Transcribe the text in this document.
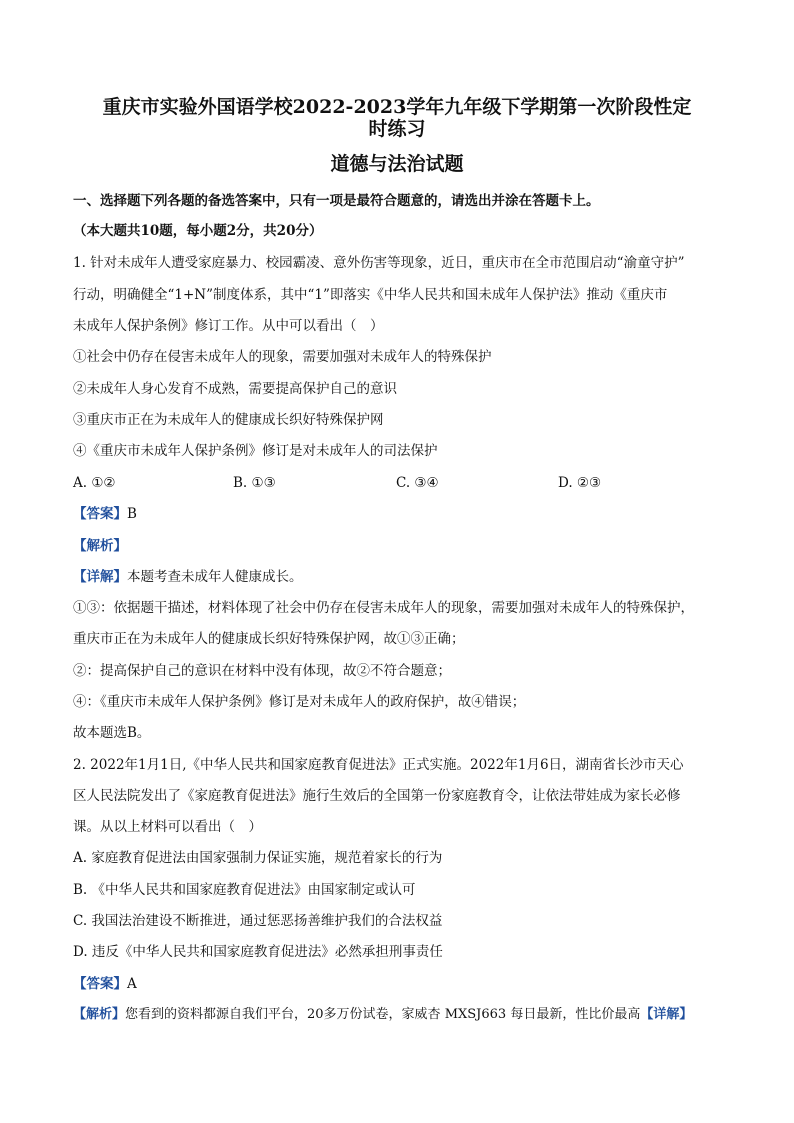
重庆市实验外国语学校2022-2023学年九年级下学期第一次阶段性定
时练习
道德与法治试题
一、选择题下列各题的备选答案中，只有一项是最符合题意的，请选出并涂在答题卡上。
（本大题共10题，每小题2分，共20分）
1. 针对未成年人遭受家庭暴力、校园霸凌、意外伤害等现象，近日，重庆市在全市范围启动“渝童守护”
行动，明确健全“1+N”制度体系，其中“1”即落实《中华人民共和国未成年人保护法》推动《重庆市
未成年人保护条例》修订工作。从中可以看出（　）
①社会中仍存在侵害未成年人的现象，需要加强对未成年人的特殊保护
②未成年人身心发育不成熟，需要提高保护自己的意识
③重庆市正在为未成年人的健康成长织好特殊保护网
④《重庆市未成年人保护条例》修订是对未成年人的司法保护
A. ①②	B. ①③	C. ③④	D. ②③
【答案】B
【解析】
【详解】本题考查未成年人健康成长。
①③：依据题干描述，材料体现了社会中仍存在侵害未成年人的现象，需要加强对未成年人的特殊保护，
重庆市正在为未成年人的健康成长织好特殊保护网，故①③正确；
②：提高保护自己的意识在材料中没有体现，故②不符合题意；
④：《重庆市未成年人保护条例》修订是对未成年人的政府保护，故④错误；
故本题选B。
2. 2022年1月1日,《中华人民共和国家庭教育促进法》正式实施。2022年1月6日，湖南省长沙市天心
区人民法院发出了《家庭教育促进法》施行生效后的全国第一份家庭教育令，让依法带娃成为家长必修
课。从以上材料可以看出（　）
A. 家庭教育促进法由国家强制力保证实施，规范着家长的行为
B. 《中华人民共和国家庭教育促进法》由国家制定或认可
C. 我国法治建设不断推进，通过惩恶扬善维护我们的合法权益
D. 违反《中华人民共和国家庭教育促进法》必然承担刑事责任
【答案】A
【解析】您看到的资料都源自我们平台，20多万份试卷，家威杏 MXSJ663 每日最新，性比价最高【详解】
